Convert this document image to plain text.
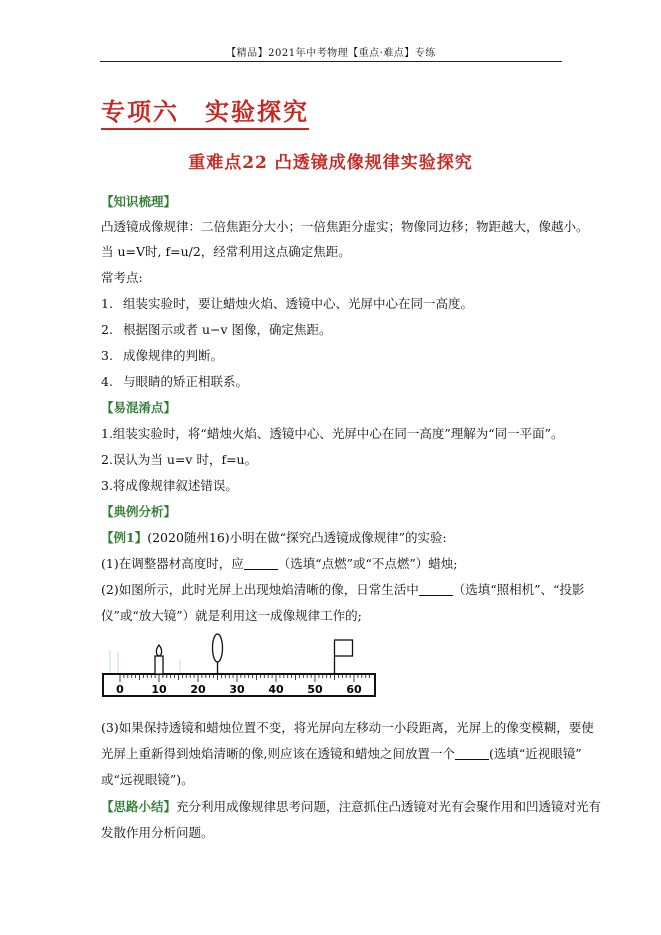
【精品】2021年中考物理【重点·难点】专练
专项六　实验探究
重难点22 凸透镜成像规律实验探究
【知识梳理】
凸透镜成像规律：二倍焦距分大小；一倍焦距分虚实；物像同边移；物距越大，像越小。
当 u=V时, f=u/2，经常利用这点确定焦距。
常考点:
1. 组装实验时，要让蜡烛火焰、透镜中心、光屏中心在同一高度。
2. 根据图示或者 u−v 图像，确定焦距。
3. 成像规律的判断。
4. 与眼睛的矫正相联系。
【易混淆点】
1.组装实验时，将“蜡烛火焰、透镜中心、光屏中心在同一高度”理解为“同一平面”。
2.误认为当 u=v 时，f=u。
3.将成像规律叙述错误。
【典例分析】
【例1】(2020随州16)小明在做“探究凸透镜成像规律”的实验:
(1)在调整器材高度时，应	（选填“点燃”或“不点燃”）蜡烛;
(2)如图所示，此时光屏上出现烛焰清晰的像，日常生活中	（选填“照相机”、“投影
仪”或“放大镜”）就是利用这一成像规律工作的;
0	10 20 30 40 50 60
(3)如果保持透镜和蜡烛位置不变，将光屏向左移动一小段距离，光屏上的像变模糊，要使
光屏上重新得到烛焰清晰的像,则应该在透镜和蜡烛之间放置一个	(选填“近视眼镜”
或“远视眼镜”)。
【思路小结】充分利用成像规律思考问题，注意抓住凸透镜对光有会聚作用和凹透镜对光有
发散作用分析问题。
